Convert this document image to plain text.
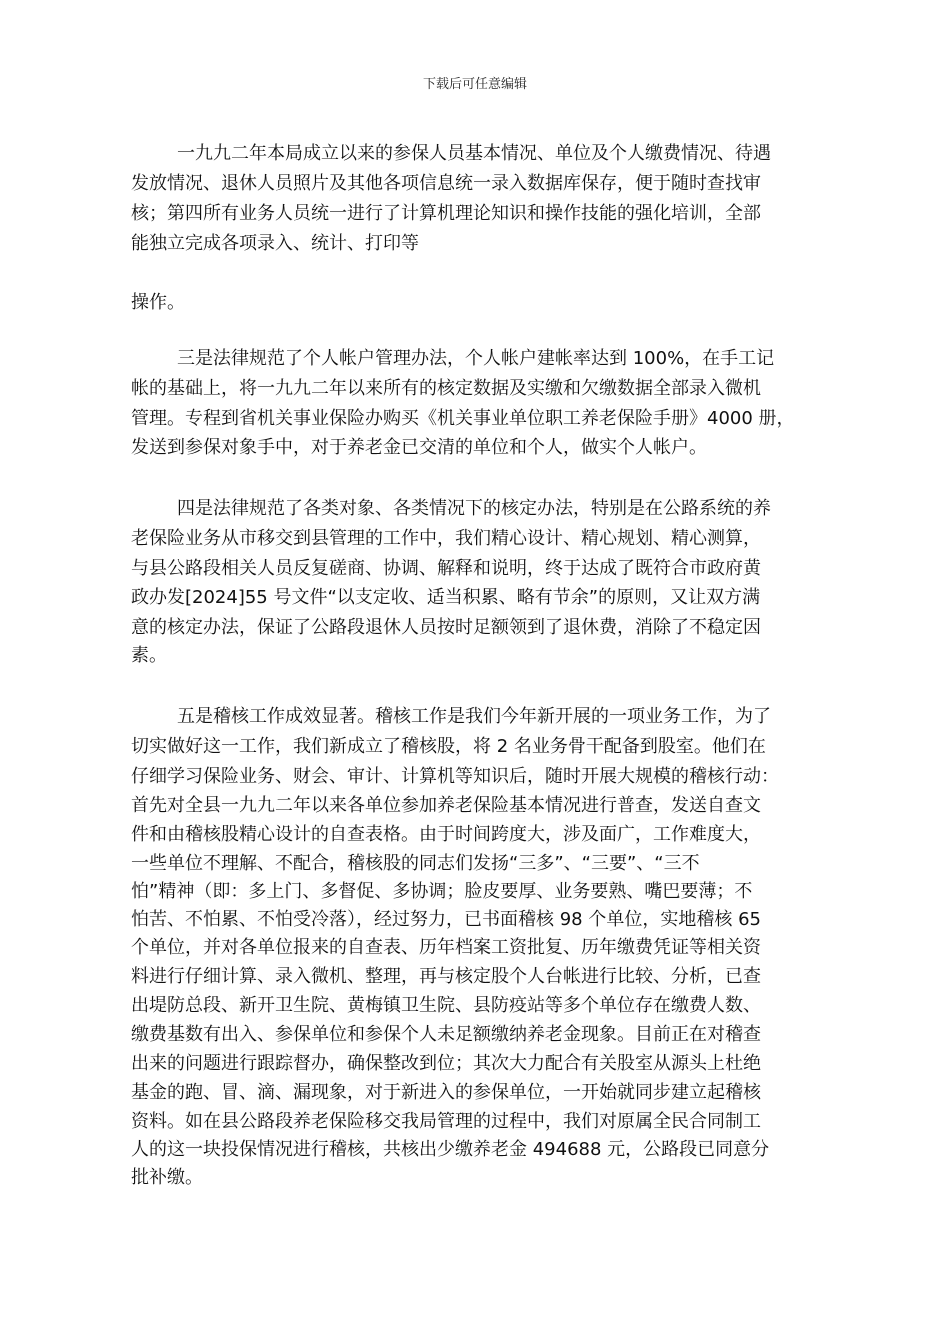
下载后可任意编辑
一九九二年本局成立以来的参保人员基本情况、单位及个人缴费情况、待遇
发放情况、退休人员照片及其他各项信息统一录入数据库保存，便于随时查找审
核；第四所有业务人员统一进行了计算机理论知识和操作技能的强化培训，全部
能独立完成各项录入、统计、打印等
操作。
三是法律规范了个人帐户管理办法，个人帐户建帐率达到 100%，在手工记
帐的基础上，将一九九二年以来所有的核定数据及实缴和欠缴数据全部录入微机
管理。专程到省机关事业保险办购买《机关事业单位职工养老保险手册》4000 册，
发送到参保对象手中，对于养老金已交清的单位和个人，做实个人帐户。
四是法律规范了各类对象、各类情况下的核定办法，特别是在公路系统的养
老保险业务从市移交到县管理的工作中，我们精心设计、精心规划、精心测算，
与县公路段相关人员反复磋商、协调、解释和说明，终于达成了既符合市政府黄
政办发[2024]55 号文件“以支定收、适当积累、略有节余”的原则，又让双方满
意的核定办法，保证了公路段退休人员按时足额领到了退休费，消除了不稳定因
素。
五是稽核工作成效显著。稽核工作是我们今年新开展的一项业务工作，为了
切实做好这一工作，我们新成立了稽核股，将 2 名业务骨干配备到股室。他们在
仔细学习保险业务、财会、审计、计算机等知识后，随时开展大规模的稽核行动：
首先对全县一九九二年以来各单位参加养老保险基本情况进行普查，发送自查文
件和由稽核股精心设计的自查表格。由于时间跨度大，涉及面广，工作难度大，
一些单位不理解、不配合，稽核股的同志们发扬“三多”、“三要”、“三不
怕”精神（即：多上门、多督促、多协调；脸皮要厚、业务要熟、嘴巴要薄；不
怕苦、不怕累、不怕受冷落），经过努力，已书面稽核 98 个单位，实地稽核 65
个单位，并对各单位报来的自查表、历年档案工资批复、历年缴费凭证等相关资
料进行仔细计算、录入微机、整理，再与核定股个人台帐进行比较、分析，已查
出堤防总段、新开卫生院、黄梅镇卫生院、县防疫站等多个单位存在缴费人数、
缴费基数有出入、参保单位和参保个人未足额缴纳养老金现象。目前正在对稽查
出来的问题进行跟踪督办，确保整改到位；其次大力配合有关股室从源头上杜绝
基金的跑、冒、滴、漏现象，对于新进入的参保单位，一开始就同步建立起稽核
资料。如在县公路段养老保险移交我局管理的过程中，我们对原属全民合同制工
人的这一块投保情况进行稽核，共核出少缴养老金 494688 元，公路段已同意分
批补缴。
